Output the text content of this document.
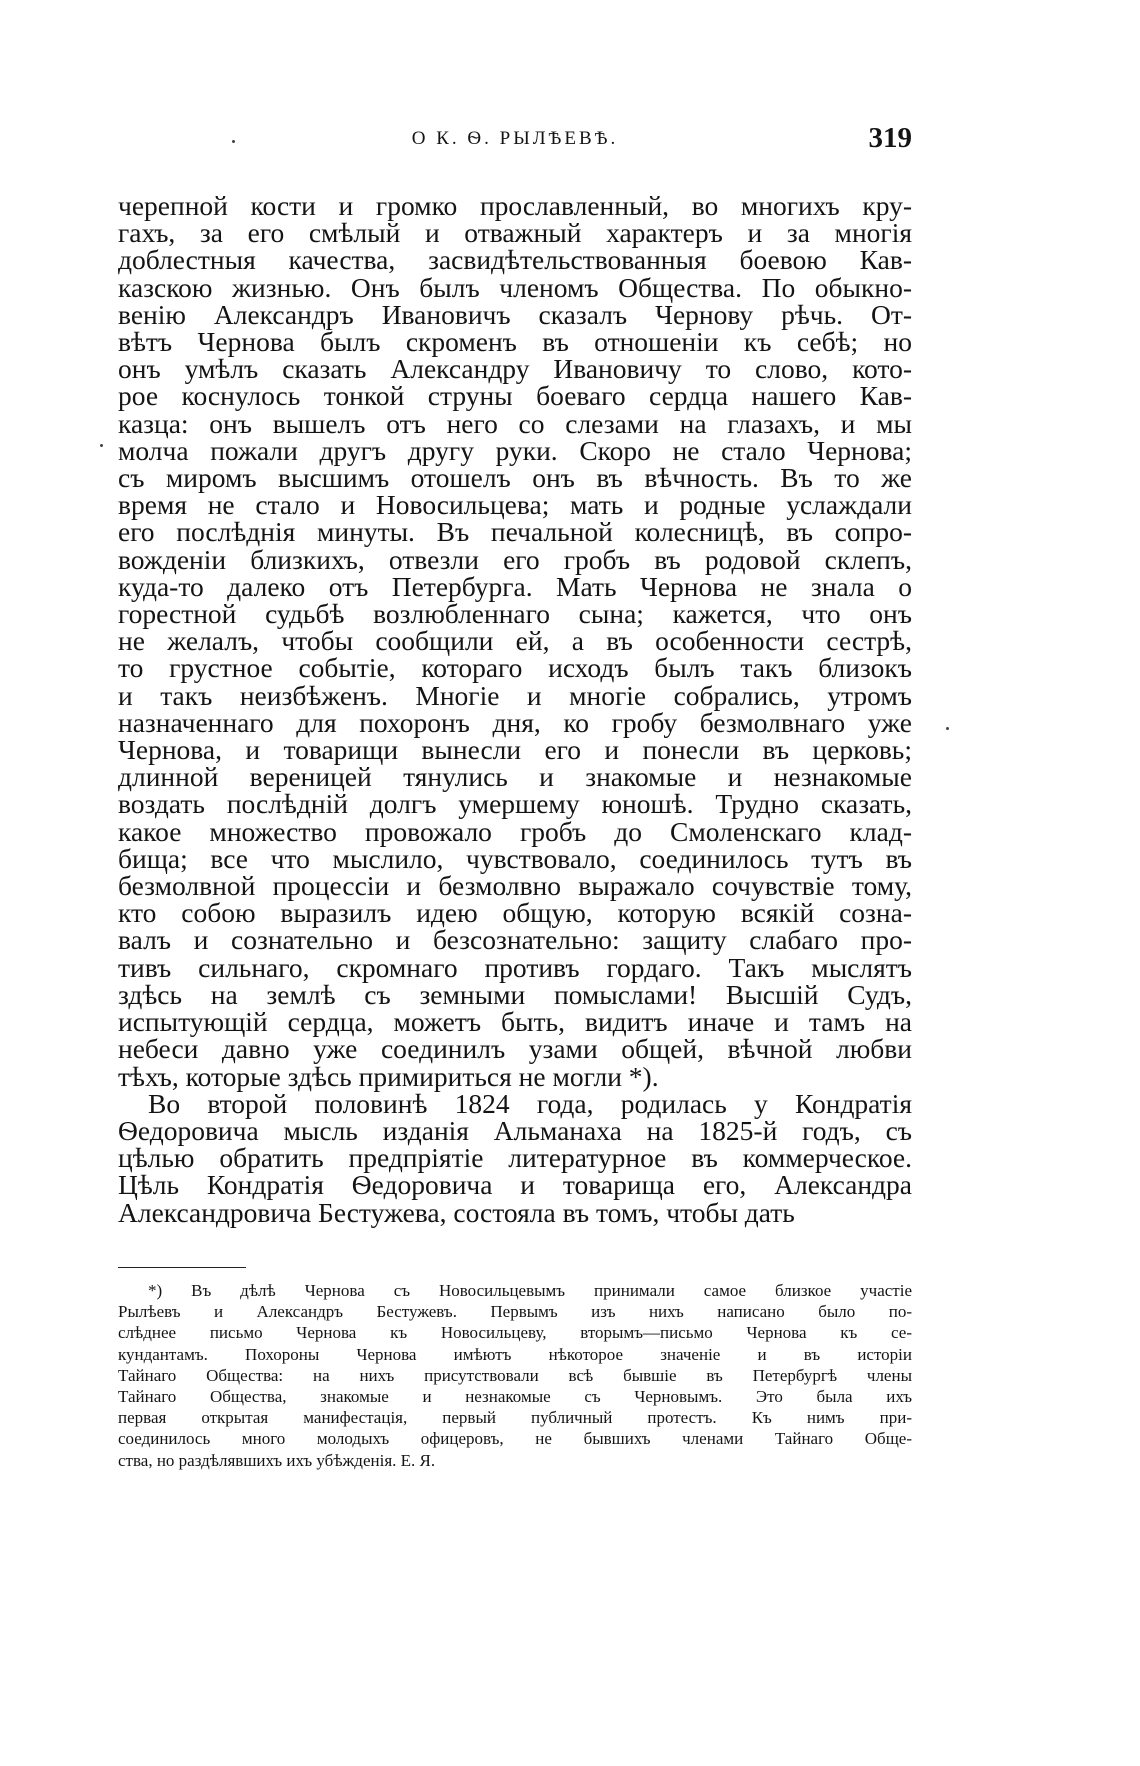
О К. Ѳ. РЫЛѢЕВѢ.	319
черепной кости и громко прославленный, во многихъ кру-
гахъ, за его смѣлый и отважный характеръ и за многія
доблестныя качества, засвидѣтельствованныя боевою Кав-
казскою жизнью. Онъ былъ членомъ Общества. По обыкно-
венію Александръ Ивановичъ сказалъ Чернову рѣчь. От-
вѣтъ Чернова былъ скроменъ въ отношеніи къ себѣ; но
онъ умѣлъ сказать Александру Ивановичу то слово, кото-
рое коснулось тонкой струны боеваго сердца нашего Кав-
казца: онъ вышелъ отъ него со слезами на глазахъ, и мы
молча пожали другъ другу руки. Скоро не стало Чернова;
съ миромъ высшимъ отошелъ онъ въ вѣчность. Въ то же
время не стало и Новосильцева; мать и родные услаждали
его послѣднія минуты. Въ печальной колесницѣ, въ сопро-
вожденіи близкихъ, отвезли его гробъ въ родовой склепъ,
куда-то далеко отъ Петербурга. Мать Чернова не знала о
горестной судьбѣ возлюбленнаго сына; кажется, что онъ
не желалъ, чтобы сообщили ей, а въ особенности сестрѣ,
то грустное событіе, котораго исходъ былъ такъ близокъ
и такъ неизбѣженъ. Многіе и многіе собрались, утромъ
назначеннаго для похоронъ дня, ко гробу безмолвнаго уже
Чернова, и товарищи вынесли его и понесли въ церковь;
длинной вереницей тянулись и знакомые и незнакомые
воздать послѣдній долгъ умершему юношѣ. Трудно сказать,
какое множество провожало гробъ до Смоленскаго клад-
бища; все что мыслило, чувствовало, соединилось тутъ въ
безмолвной процессіи и безмолвно выражало сочувствіе тому,
кто собою выразилъ идею общую, которую всякій созна-
валъ и сознательно и безсознательно: защиту слабаго про-
тивъ сильнаго, скромнаго противъ гордаго. Такъ мыслятъ
здѣсь на землѣ съ земными помыслами! Высшій Судъ,
испытующій сердца, можетъ быть, видитъ иначе и тамъ на
небеси давно уже соединилъ узами общей, вѣчной любви
тѣхъ, которые здѣсь примириться не могли *).
Во второй половинѣ 1824 года, родилась у Кондратія
Ѳедоровича мысль изданія Альманаха на 1825-й годъ, съ
цѣлью обратить предпріятіе литературное въ коммерческое.
Цѣль Кондратія Ѳедоровича и товарища его, Александра
Александровича Бестужева, состояла въ томъ, чтобы дать
*) Въ дѣлѣ Чернова съ Новосильцевымъ принимали самое близкое участіе
Рылѣевъ и Александръ Бестужевъ. Первымъ изъ нихъ написано было по-
слѣднее письмо Чернова къ Новосильцеву, вторымъ—письмо Чернова къ се-
кундантамъ. Похороны Чернова имѣютъ нѣкоторое значеніе и въ исторіи
Тайнаго Общества: на нихъ присутствовали всѣ бывшіе въ Петербургѣ члены
Тайнаго Общества, знакомые и незнакомые съ Черновымъ. Это была ихъ
первая открытая манифестація, первый публичный протестъ. Къ нимъ при-
соединилось много молодыхъ офицеровъ, не бывшихъ членами Тайнаго Обще-
ства, но раздѣлявшихъ ихъ убѣжденія. Е. Я.
